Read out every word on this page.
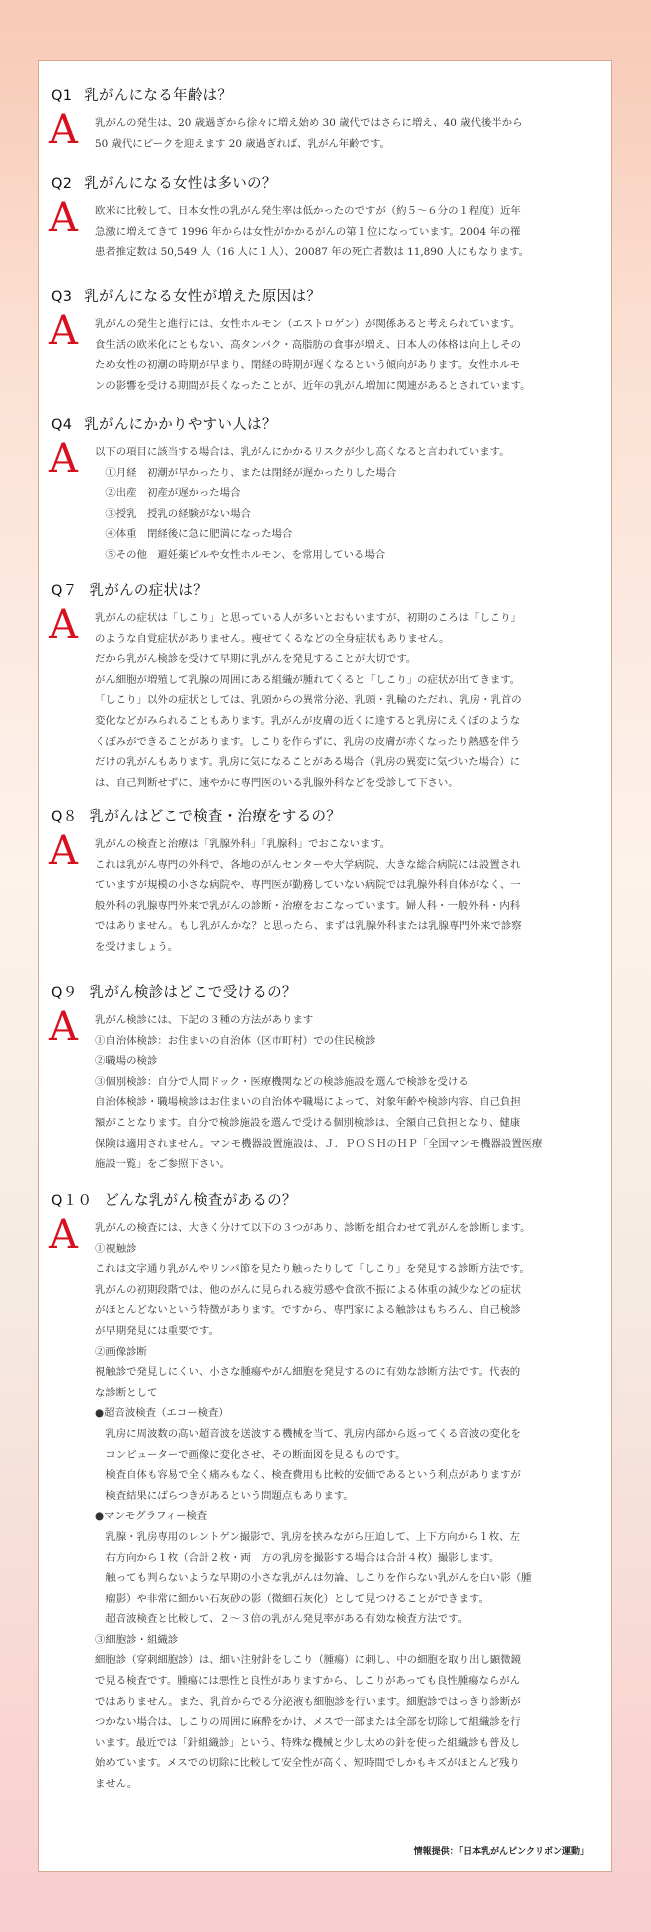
Q1 乳がんになる年齢は？
A 乳がんの発生は、20 歳過ぎから徐々に増え始め 30 歳代ではさらに増え、40 歳代後半から
50 歳代にピークを迎えます 20 歳過ぎれば、乳がん年齢です。
Q2 乳がんになる女性は多いの？
A 欧米に比較して、日本女性の乳がん発生率は低かったのですが（約５～６分の１程度）近年
急激に増えてきて 1996 年からは女性がかかるがんの第１位になっています。2004 年の罹
患者推定数は 50,549 人（16 人に１人）、20087 年の死亡者数は 11,890 人にもなります。
Q3 乳がんになる女性が増えた原因は？
A 乳がんの発生と進行には、女性ホルモン（エストロゲン）が関係あると考えられています。
食生活の欧米化にともない、高タンパク・高脂肪の食事が増え、日本人の体格は向上しその
ため女性の初潮の時期が早まり、閉経の時期が遅くなるという傾向があります。女性ホルモ
ンの影響を受ける期間が長くなったことが、近年の乳がん増加に関連があるとされています。
Q4 乳がんにかかりやすい人は？
A 以下の項目に該当する場合は、乳がんにかかるリスクが少し高くなると言われています。
　①月経　初潮が早かったり、または閉経が遅かったりした場合
　②出産　初産が遅かった場合
　③授乳　授乳の経験がない場合
　④体重　閉経後に急に肥満になった場合
　⑤その他　避妊薬ピルや女性ホルモン、を常用している場合
Q７ 乳がんの症状は？
A 乳がんの症状は「しこり」と思っている人が多いとおもいますが、初期のころは「しこり」
のような自覚症状がありません。痩せてくるなどの全身症状もありません。
だから乳がん検診を受けて早期に乳がんを発見することが大切です。
がん細胞が増殖して乳腺の周囲にある組織が腫れてくると「しこり」の症状が出てきます。
「しこり」以外の症状としては、乳頭からの異常分泌、乳頭・乳輪のただれ、乳房・乳首の
変化などがみられることもあります。乳がんが皮膚の近くに達すると乳房にえくぼのような
くぼみができることがあります。しこりを作らずに、乳房の皮膚が赤くなったり熱感を伴う
だけの乳がんもあります。乳房に気になることがある場合（乳房の異変に気づいた場合）に
は、自己判断せずに、速やかに専門医のいる乳腺外科などを受診して下さい。
Q８ 乳がんはどこで検査・治療をするの？
A 乳がんの検査と治療は「乳腺外科」「乳腺科」でおこないます。
これは乳がん専門の外科で、各地のがんセンターや大学病院、大きな総合病院には設置され
ていますが規模の小さな病院や、専門医が勤務していない病院では乳腺外科自体がなく、一
般外科の乳腺専門外来で乳がんの診断・治療をおこなっています。婦人科・一般外科・内科
ではありません。もし乳がんかな？と思ったら、まずは乳腺外科または乳腺専門外来で診察
を受けましょう。
Q９ 乳がん検診はどこで受けるの？
A 乳がん検診には、下記の３種の方法があります
①自治体検診：お住まいの自治体（区市町村）での住民検診
②職場の検診
③個別検診：自分で人間ドック・医療機関などの検診施設を選んで検診を受ける
自治体検診・職場検診はお住まいの自治体や職場によって、対象年齢や検診内容、自己負担
額がことなります。自分で検診施設を選んで受ける個別検診は、全額自己負担となり、健康
保険は適用されません。マンモ機器設置施設は、Ｊ．ＰＯＳＨのＨＰ「全国マンモ機器設置医療
施設一覧」をご参照下さい。
Q１０ どんな乳がん検査があるの？
A 乳がんの検査には、大きく分けて以下の３つがあり、診断を組合わせて乳がんを診断します。
①視触診
これは文字通り乳がんやリンパ節を見たり触ったりして「しこり」を発見する診断方法です。
乳がんの初期段階では、他のがんに見られる疲労感や食欲不振による体重の減少などの症状
がほとんどないという特徴があります。ですから、専門家による触診はもちろん、自己検診
が早期発見には重要です。
②画像診断
視触診で発見しにくい、小さな腫瘍やがん細胞を発見するのに有効な診断方法です。代表的
な診断として
●超音波検査（エコー検査）
　乳房に周波数の高い超音波を送波する機械を当て、乳房内部から返ってくる音波の変化を
　コンピューターで画像に変化させ、その断面図を見るものです。
　検査自体も容易で全く痛みもなく、検査費用も比較的安価であるという利点がありますが
　検査結果にばらつきがあるという問題点もあります。
●マンモグラフィー検査
　乳腺・乳房専用のレントゲン撮影で、乳房を挟みながら圧迫して、上下方向から１枚、左
　右方向から１枚（合計２枚・両　方の乳房を撮影する場合は合計４枚）撮影します。
　触っても判らないような早期の小さな乳がんは勿論、しこりを作らない乳がんを白い影（腫
　瘤影）や非常に細かい石灰砂の影（微細石灰化）として見つけることができます。
　超音波検査と比較して、２～３倍の乳がん発見率がある有効な検査方法です。
③細胞診・組織診
細胞診（穿刺細胞診）は、細い注射針をしこり（腫瘍）に刺し、中の細胞を取り出し顕微鏡
で見る検査です。腫瘍には悪性と良性がありますから、しこりがあっても良性腫瘍ならがん
ではありません。また、乳首からでる分泌液も細胞診を行います。細胞診ではっきり診断が
つかない場合は、しこりの周囲に麻酔をかけ、メスで一部または全部を切除して組織診を行
います。最近では「針組織診」という、特殊な機械と少し太めの針を使った組織診も普及し
始めています。メスでの切除に比較して安全性が高く、短時間でしかもキズがほとんど残り
ません。
情報提供：「日本乳がんピンクリボン運動」
